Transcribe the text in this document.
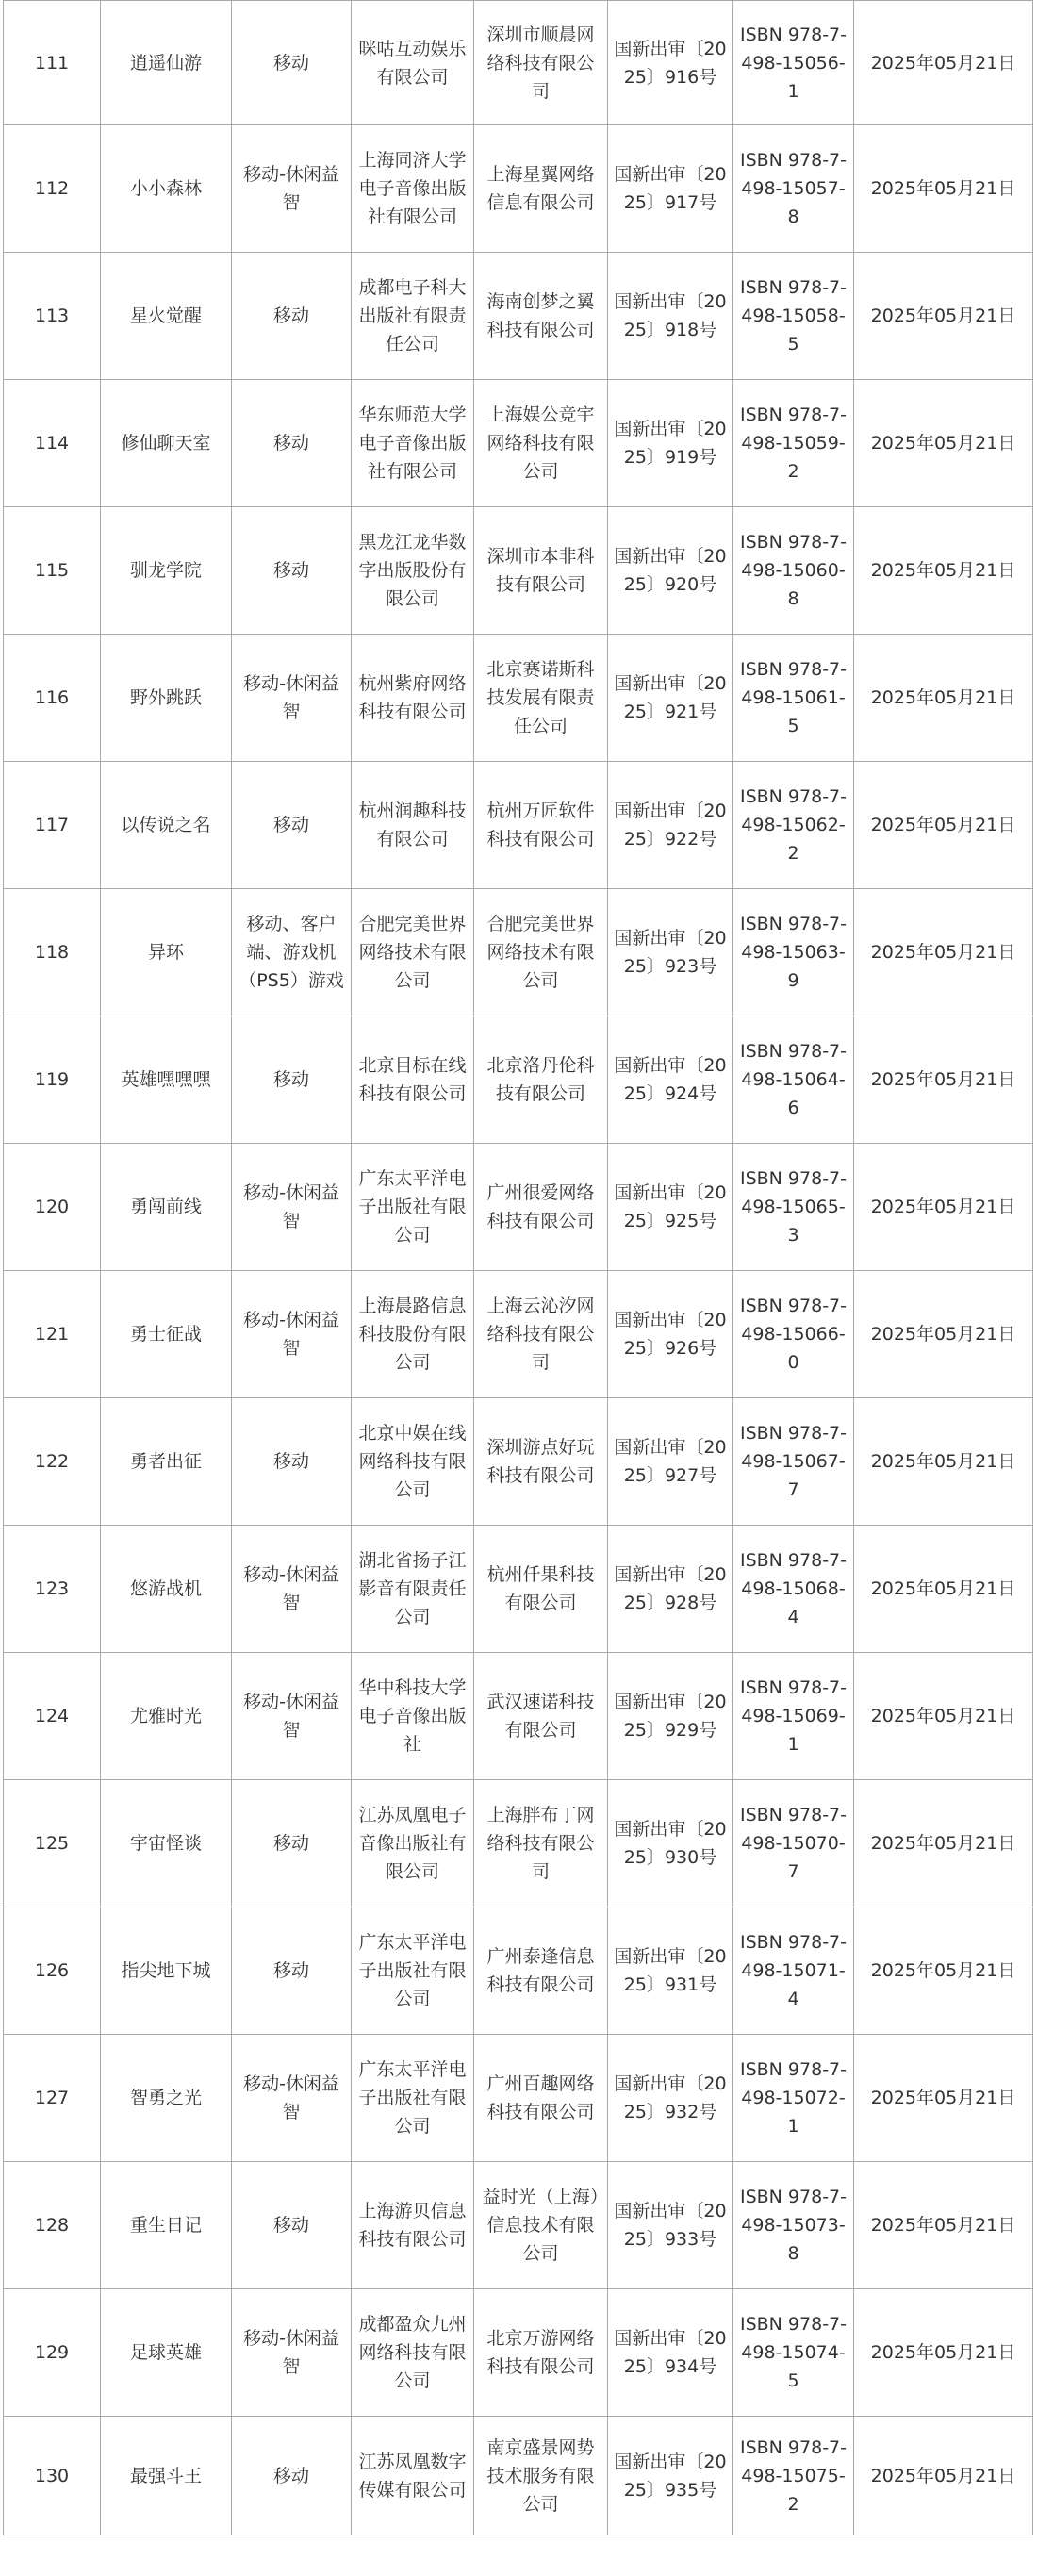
111	逍遥仙游	移动	咪咕互动娱乐有限公司	深圳市顺晨网络科技有限公司	国新出审〔2025〕916号	ISBN 978-7-498-15056-1	2025年05月21日
112	小小森林	移动-休闲益智	上海同济大学电子音像出版社有限公司	上海星翼网络信息有限公司	国新出审〔2025〕917号	ISBN 978-7-498-15057-8	2025年05月21日
113	星火觉醒	移动	成都电子科大出版社有限责任公司	海南创梦之翼科技有限公司	国新出审〔2025〕918号	ISBN 978-7-498-15058-5	2025年05月21日
114	修仙聊天室	移动	华东师范大学电子音像出版社有限公司	上海娱公竞宇网络科技有限公司	国新出审〔2025〕919号	ISBN 978-7-498-15059-2	2025年05月21日
115	驯龙学院	移动	黑龙江龙华数字出版股份有限公司	深圳市本非科技有限公司	国新出审〔2025〕920号	ISBN 978-7-498-15060-8	2025年05月21日
116	野外跳跃	移动-休闲益智	杭州紫府网络科技有限公司	北京赛诺斯科技发展有限责任公司	国新出审〔2025〕921号	ISBN 978-7-498-15061-5	2025年05月21日
117	以传说之名	移动	杭州润趣科技有限公司	杭州万匠软件科技有限公司	国新出审〔2025〕922号	ISBN 978-7-498-15062-2	2025年05月21日
118	异环	移动、客户端、游戏机（PS5）游戏	合肥完美世界网络技术有限公司	合肥完美世界网络技术有限公司	国新出审〔2025〕923号	ISBN 978-7-498-15063-9	2025年05月21日
119	英雄嘿嘿嘿	移动	北京目标在线科技有限公司	北京洛丹伦科技有限公司	国新出审〔2025〕924号	ISBN 978-7-498-15064-6	2025年05月21日
120	勇闯前线	移动-休闲益智	广东太平洋电子出版社有限公司	广州很爱网络科技有限公司	国新出审〔2025〕925号	ISBN 978-7-498-15065-3	2025年05月21日
121	勇士征战	移动-休闲益智	上海晨路信息科技股份有限公司	上海云沁汐网络科技有限公司	国新出审〔2025〕926号	ISBN 978-7-498-15066-0	2025年05月21日
122	勇者出征	移动	北京中娱在线网络科技有限公司	深圳游点好玩科技有限公司	国新出审〔2025〕927号	ISBN 978-7-498-15067-7	2025年05月21日
123	悠游战机	移动-休闲益智	湖北省扬子江影音有限责任公司	杭州仟果科技有限公司	国新出审〔2025〕928号	ISBN 978-7-498-15068-4	2025年05月21日
124	尤雅时光	移动-休闲益智	华中科技大学电子音像出版社	武汉速诺科技有限公司	国新出审〔2025〕929号	ISBN 978-7-498-15069-1	2025年05月21日
125	宇宙怪谈	移动	江苏凤凰电子音像出版社有限公司	上海胖布丁网络科技有限公司	国新出审〔2025〕930号	ISBN 978-7-498-15070-7	2025年05月21日
126	指尖地下城	移动	广东太平洋电子出版社有限公司	广州泰逢信息科技有限公司	国新出审〔2025〕931号	ISBN 978-7-498-15071-4	2025年05月21日
127	智勇之光	移动-休闲益智	广东太平洋电子出版社有限公司	广州百趣网络科技有限公司	国新出审〔2025〕932号	ISBN 978-7-498-15072-1	2025年05月21日
128	重生日记	移动	上海游贝信息科技有限公司	益时光（上海）信息技术有限公司	国新出审〔2025〕933号	ISBN 978-7-498-15073-8	2025年05月21日
129	足球英雄	移动-休闲益智	成都盈众九州网络科技有限公司	北京万游网络科技有限公司	国新出审〔2025〕934号	ISBN 978-7-498-15074-5	2025年05月21日
130	最强斗王	移动	江苏凤凰数字传媒有限公司	南京盛景网势技术服务有限公司	国新出审〔2025〕935号	ISBN 978-7-498-15075-2	2025年05月21日
